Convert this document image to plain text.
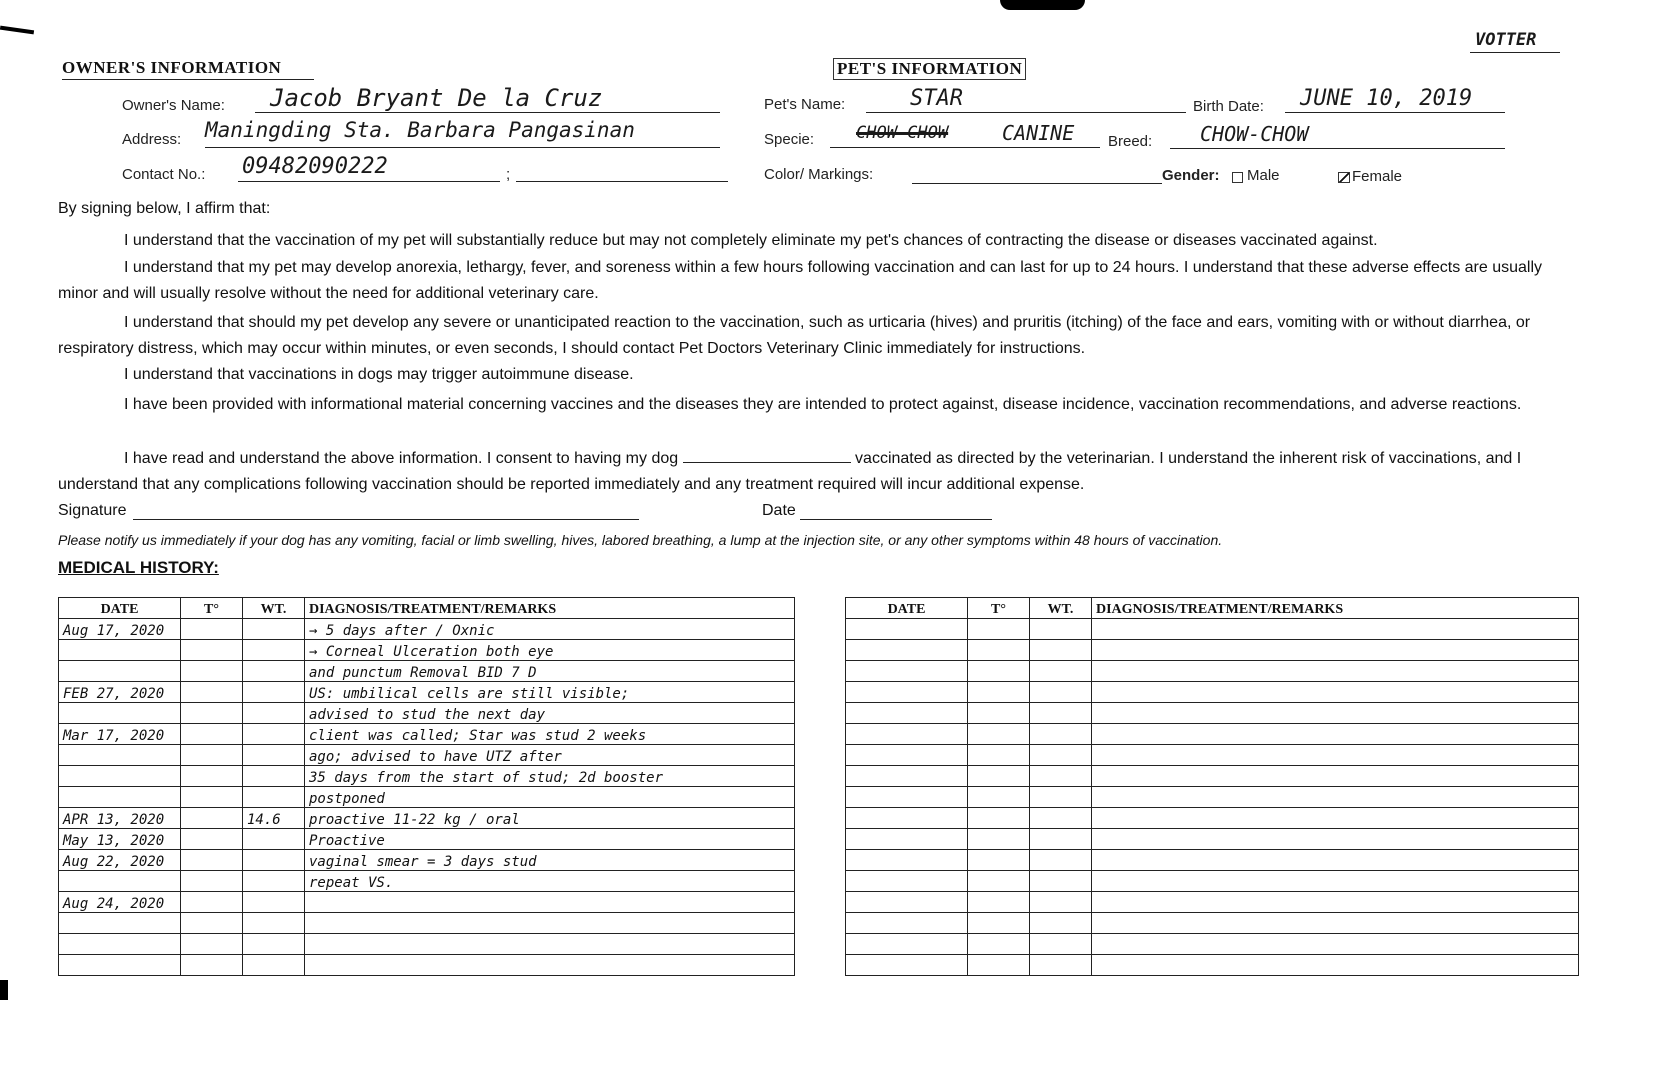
VOTTER
OWNER'S INFORMATION
Owner's Name: Jacob Bryant De la Cruz
Address: Maningding Sta. Barbara Pangasinan
Contact No.: 09482090222	;
PET'S INFORMATION
Pet's Name:	STAR	Birth Date: JUNE 10, 2019
Specie: CHOW CHOW	CANINE Breed: CHOW-CHOW
Color/ Markings:	Gender: Male	Female
By signing below, I affirm that:
I understand that the vaccination of my pet will substantially reduce but may not completely eliminate my pet's chances of contracting the disease or diseases vaccinated against.
I understand that my pet may develop anorexia, lethargy, fever, and soreness within a few hours following vaccination and can last for up to 24 hours. I understand that these adverse effects are usually minor and will usually resolve without the need for additional veterinary care.
I understand that should my pet develop any severe or unanticipated reaction to the vaccination, such as urticaria (hives) and pruritis (itching) of the face and ears, vomiting with or without diarrhea, or respiratory distress, which may occur within minutes, or even seconds, I should contact Pet Doctors Veterinary Clinic immediately for instructions.
I understand that vaccinations in dogs may trigger autoimmune disease.
I have been provided with informational material concerning vaccines and the diseases they are intended to protect against, disease incidence, vaccination recommendations, and adverse reactions.
I have read and understand the above information. I consent to having my dog	vaccinated as directed by the veterinarian. I understand the inherent risk of vaccinations, and I understand that any complications following vaccination should be reported immediately and any treatment required will incur additional expense.
Signature	Date
Please notify us immediately if your dog has any vomiting, facial or limb swelling, hives, labored breathing, a lump at the injection site, or any other symptoms within 48 hours of vaccination.
MEDICAL HISTORY:
DATE	T°	WT.	DIAGNOSIS/TREATMENT/REMARKS
Aug 17, 2020			→ 5 days after / Oxnic
			→ Corneal Ulceration both eye
			and punctum Removal BID 7 D
FEB 27, 2020			US: umbilical cells are still visible;
			advised to stud the next day
Mar 17, 2020			client was called; Star was stud 2 weeks
			ago; advised to have UTZ after
			35 days from the start of stud; 2d booster
			postponed
APR 13, 2020		14.6	proactive 11-22 kg / oral
May 13, 2020			Proactive
Aug 22, 2020			vaginal smear = 3 days stud
			repeat VS.
Aug 24, 2020			

DATE	T°	WT.	DIAGNOSIS/TREATMENT/REMARKS
